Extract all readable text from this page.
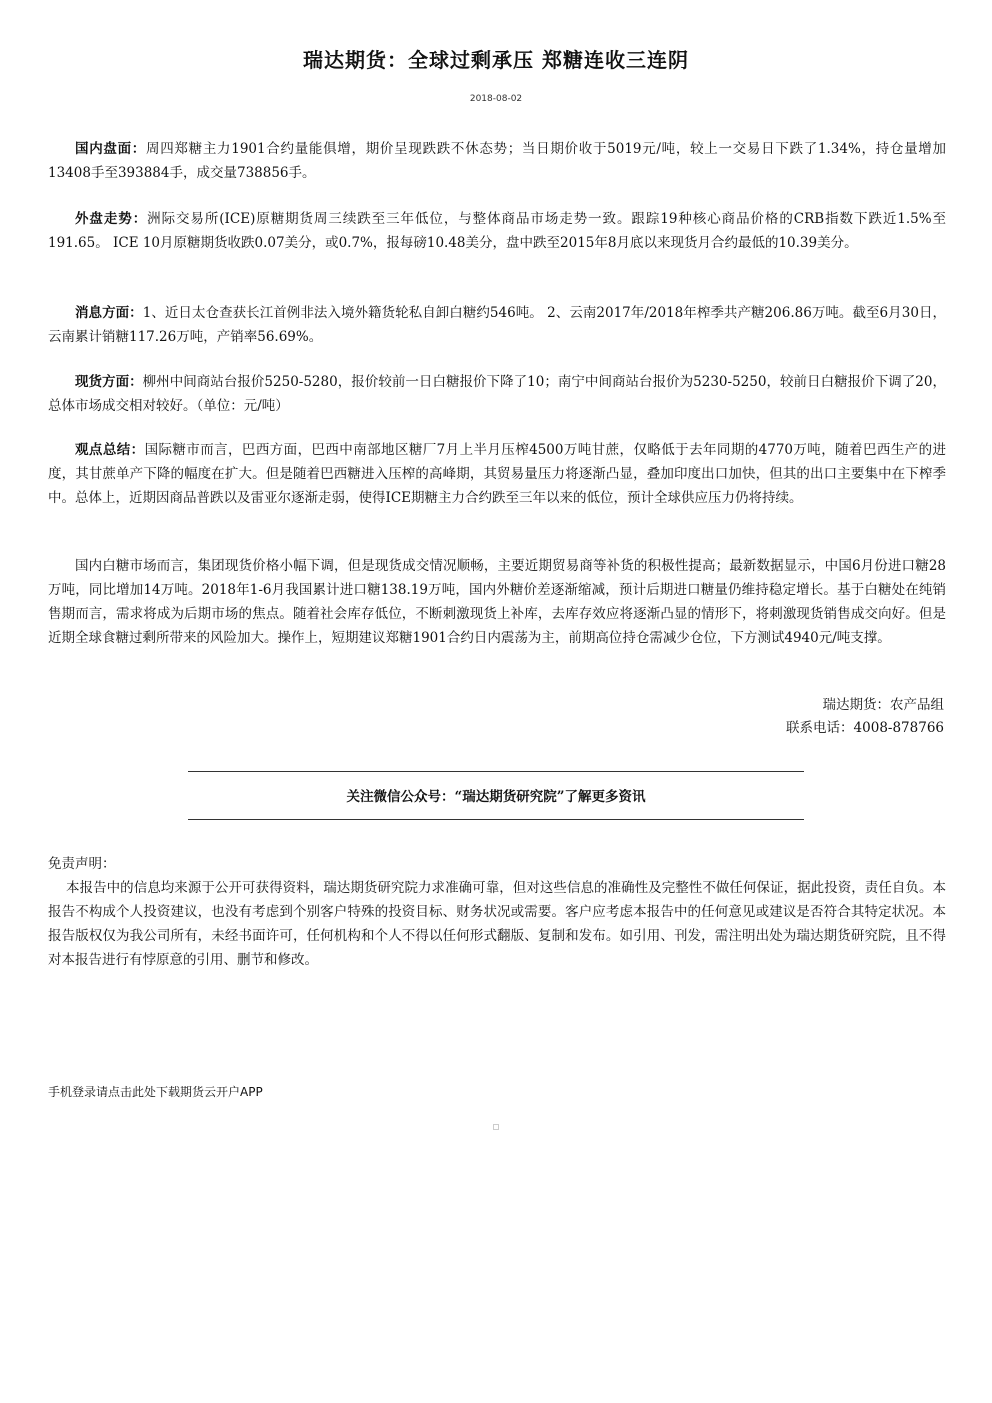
瑞达期货：全球过剩承压 郑糖连收三连阴
2018-08-02
国内盘面：周四郑糖主力1901合约量能俱增，期价呈现跌跌不休态势；当日期价收于5019元/吨，较上一交易日下跌了1.34%，持仓量增加13408手至393884手，成交量738856手。
外盘走势：洲际交易所(ICE)原糖期货周三续跌至三年低位，与整体商品市场走势一致。跟踪19种核心商品价格的CRB指数下跌近1.5%至191.65。 ICE 10月原糖期货收跌0.07美分，或0.7%，报每磅10.48美分，盘中跌至2015年8月底以来现货月合约最低的10.39美分。
消息方面：1、近日太仓查获长江首例非法入境外籍货轮私自卸白糖约546吨。 2、云南2017年/2018年榨季共产糖206.86万吨。截至6月30日，云南累计销糖117.26万吨，产销率56.69%。
现货方面：柳州中间商站台报价5250-5280，报价较前一日白糖报价下降了10；南宁中间商站台报价为5230-5250，较前日白糖报价下调了20，总体市场成交相对较好。（单位：元/吨）
观点总结：国际糖市而言，巴西方面，巴西中南部地区糖厂7月上半月压榨4500万吨甘蔗，仅略低于去年同期的4770万吨，随着巴西生产的进度，其甘蔗单产下降的幅度在扩大。但是随着巴西糖进入压榨的高峰期，其贸易量压力将逐渐凸显，叠加印度出口加快，但其的出口主要集中在下榨季中。总体上，近期因商品普跌以及雷亚尔逐渐走弱，使得ICE期糖主力合约跌至三年以来的低位，预计全球供应压力仍将持续。
国内白糖市场而言，集团现货价格小幅下调，但是现货成交情况顺畅，主要近期贸易商等补货的积极性提高；最新数据显示，中国6月份进口糖28万吨，同比增加14万吨。2018年1-6月我国累计进口糖138.19万吨，国内外糖价差逐渐缩减，预计后期进口糖量仍维持稳定增长。基于白糖处在纯销售期而言，需求将成为后期市场的焦点。随着社会库存低位，不断刺激现货上补库，去库存效应将逐渐凸显的情形下，将刺激现货销售成交向好。但是近期全球食糖过剩所带来的风险加大。操作上，短期建议郑糖1901合约日内震荡为主，前期高位持仓需减少仓位，下方测试4940元/吨支撑。
瑞达期货：农产品组
联系电话：4008-878766
关注微信公众号：“瑞达期货研究院”了解更多资讯
免责声明：
本报告中的信息均来源于公开可获得资料，瑞达期货研究院力求准确可靠，但对这些信息的准确性及完整性不做任何保证，据此投资，责任自负。本报告不构成个人投资建议，也没有考虑到个别客户特殊的投资目标、财务状况或需要。客户应考虑本报告中的任何意见或建议是否符合其特定状况。本报告版权仅为我公司所有，未经书面许可，任何机构和个人不得以任何形式翻版、复制和发布。如引用、刊发，需注明出处为瑞达期货研究院，且不得对本报告进行有悖原意的引用、删节和修改。
手机登录请点击此处下载期货云开户APP
